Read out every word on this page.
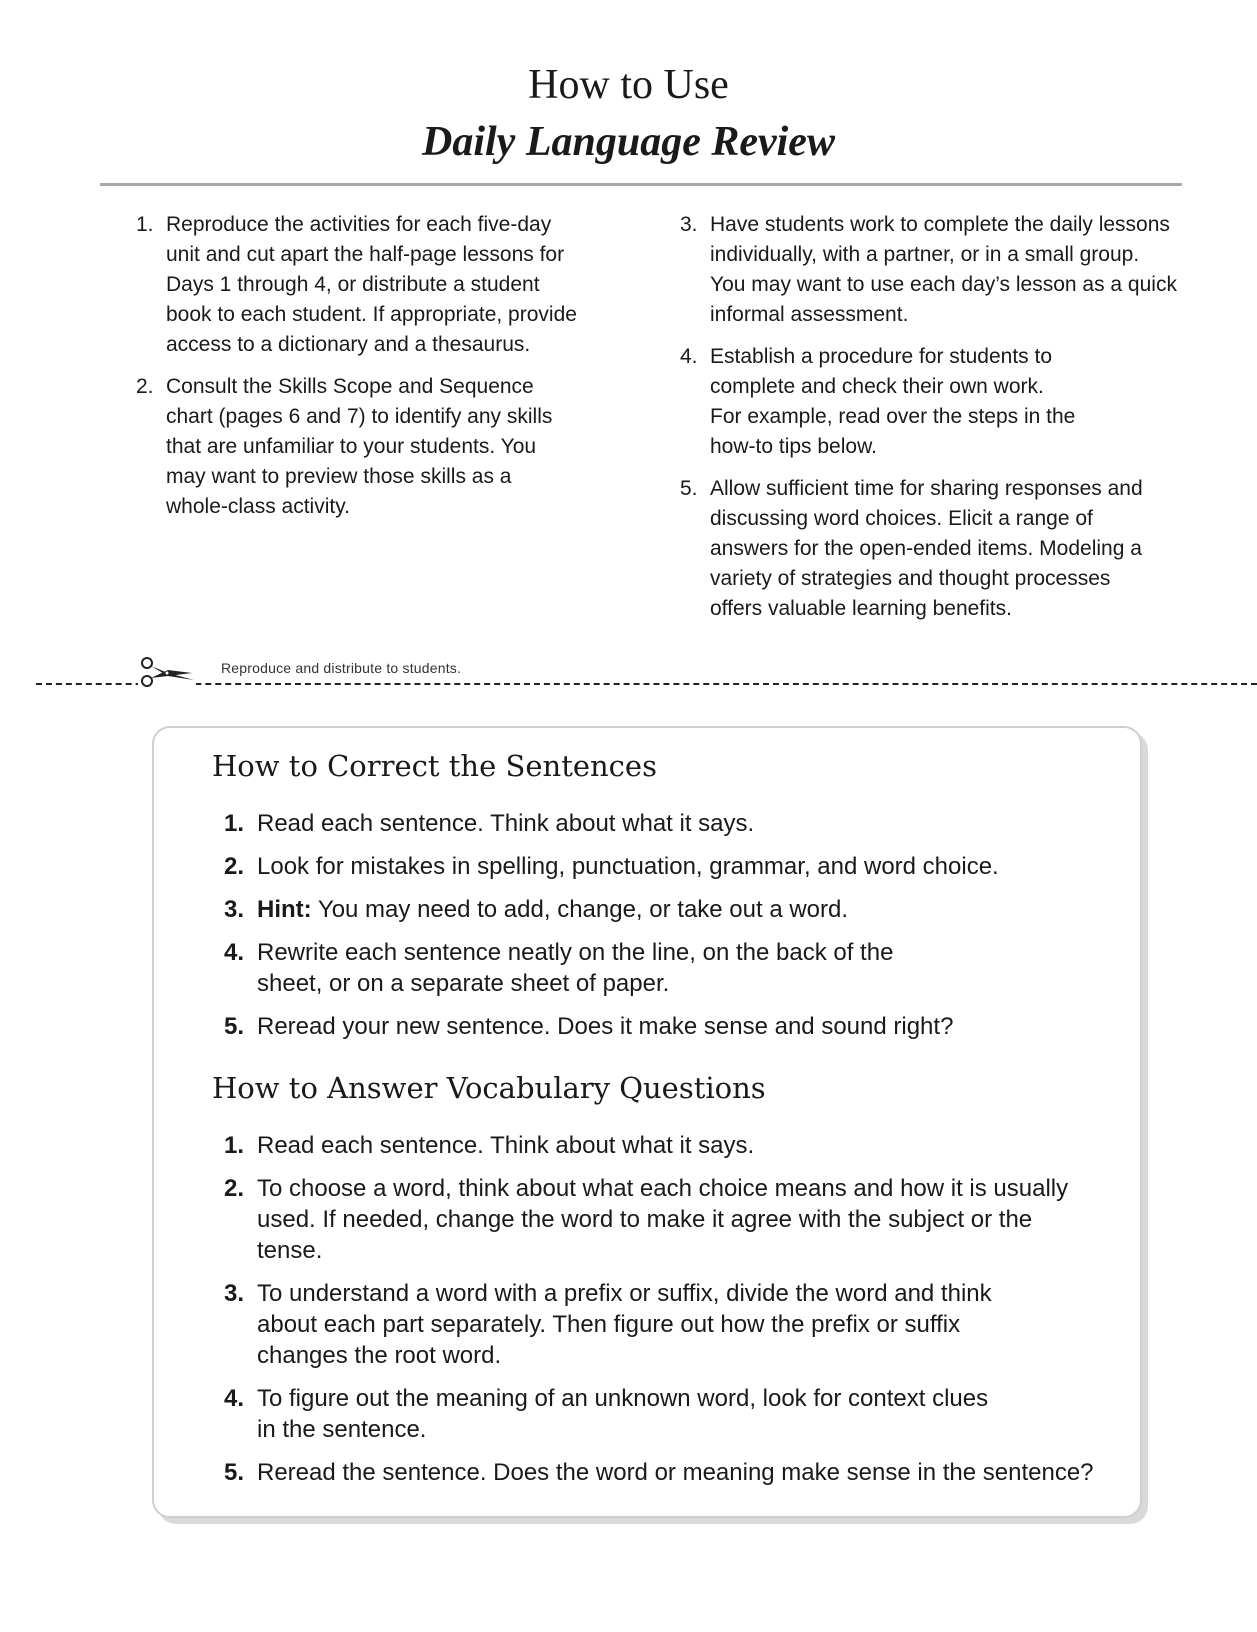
How to Use
Daily Language Review
1. Reproduce the activities for each five-day unit and cut apart the half-page lessons for Days 1 through 4, or distribute a student book to each student. If appropriate, provide access to a dictionary and a thesaurus.
2. Consult the Skills Scope and Sequence chart (pages 6 and 7) to identify any skills that are unfamiliar to your students. You may want to preview those skills as a whole-class activity.
3. Have students work to complete the daily lessons individually, with a partner, or in a small group. You may want to use each day’s lesson as a quick informal assessment.
4. Establish a procedure for students to complete and check their own work. For example, read over the steps in the how-to tips below.
5. Allow sufficient time for sharing responses and discussing word choices. Elicit a range of answers for the open-ended items. Modeling a variety of strategies and thought processes offers valuable learning benefits.
Reproduce and distribute to students.
How to Correct the Sentences
1. Read each sentence. Think about what it says.
2. Look for mistakes in spelling, punctuation, grammar, and word choice.
3. Hint: You may need to add, change, or take out a word.
4. Rewrite each sentence neatly on the line, on the back of the sheet, or on a separate sheet of paper.
5. Reread your new sentence. Does it make sense and sound right?
How to Answer Vocabulary Questions
1. Read each sentence. Think about what it says.
2. To choose a word, think about what each choice means and how it is usually used. If needed, change the word to make it agree with the subject or the tense.
3. To understand a word with a prefix or suffix, divide the word and think about each part separately. Then figure out how the prefix or suffix changes the root word.
4. To figure out the meaning of an unknown word, look for context clues in the sentence.
5. Reread the sentence. Does the word or meaning make sense in the sentence?
